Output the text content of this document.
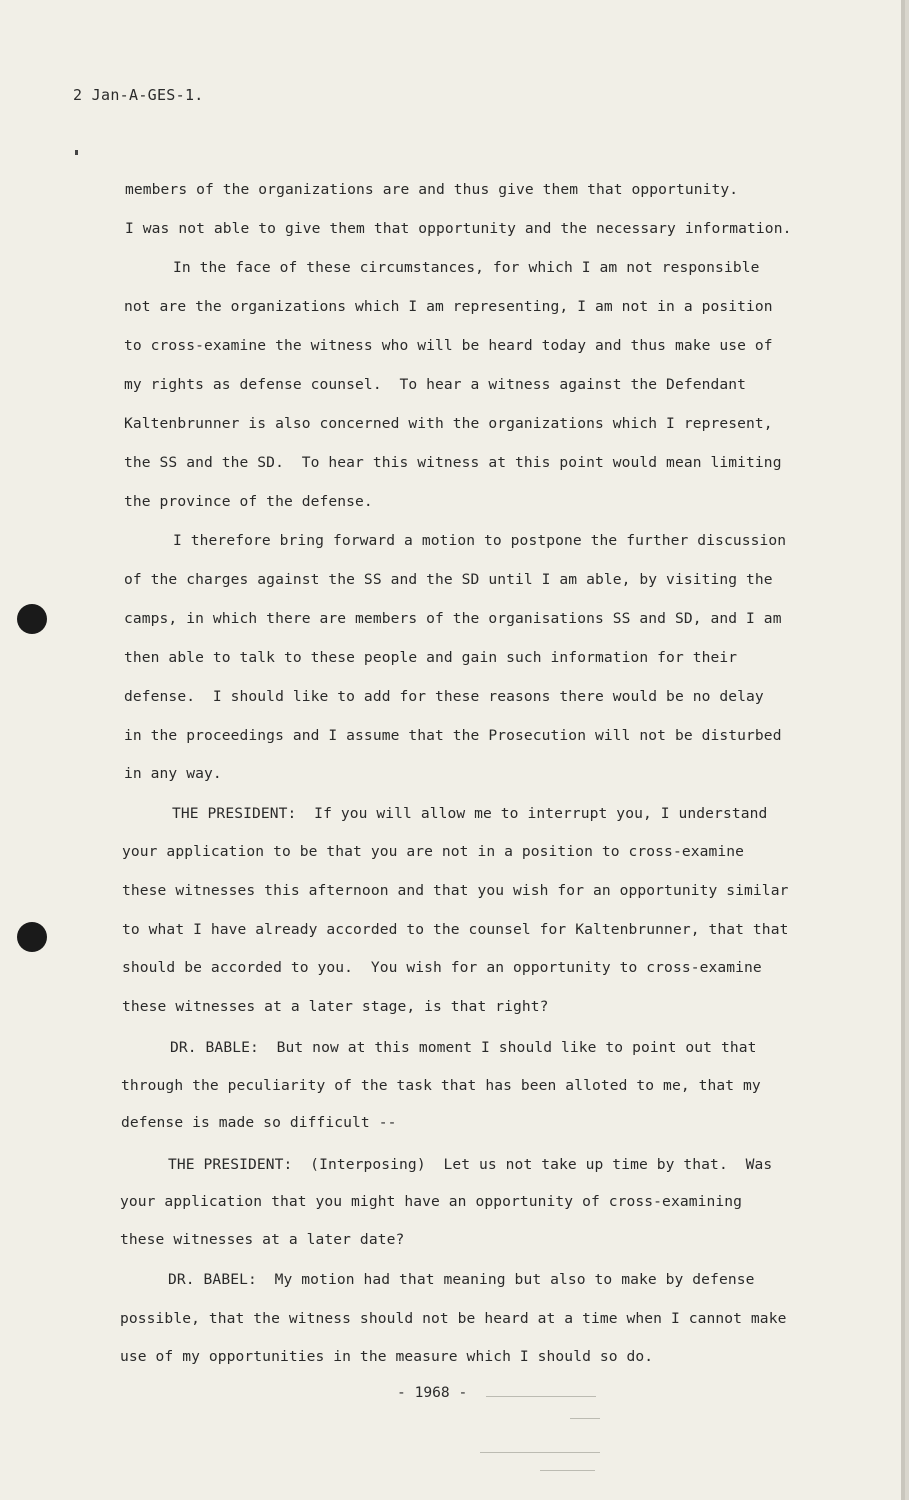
2 Jan-A-GES-1.
members of the organizations are and thus give them that opportunity.
I was not able to give them that opportunity and the necessary information.
In the face of these circumstances, for which I am not responsible
not are the organizations which I am representing, I am not in a position
to cross-examine the witness who will be heard today and thus make use of
my rights as defense counsel.  To hear a witness against the Defendant
Kaltenbrunner is also concerned with the organizations which I represent,
the SS and the SD.  To hear this witness at this point would mean limiting
the province of the defense.
I therefore bring forward a motion to postpone the further discussion
of the charges against the SS and the SD until I am able, by visiting the
camps, in which there are members of the organisations SS and SD, and I am
then able to talk to these people and gain such information for their
defense.  I should like to add for these reasons there would be no delay
in the proceedings and I assume that the Prosecution will not be disturbed
in any way.
THE PRESIDENT:  If you will allow me to interrupt you, I understand
your application to be that you are not in a position to cross-examine
these witnesses this afternoon and that you wish for an opportunity similar
to what I have already accorded to the counsel for Kaltenbrunner, that that
should be accorded to you.  You wish for an opportunity to cross-examine
these witnesses at a later stage, is that right?
DR. BABLE:  But now at this moment I should like to point out that
through the peculiarity of the task that has been alloted to me, that my
defense is made so difficult --
THE PRESIDENT:  (Interposing)  Let us not take up time by that.  Was
your application that you might have an opportunity of cross-examining
these witnesses at a later date?
DR. BABEL:  My motion had that meaning but also to make by defense
possible, that the witness should not be heard at a time when I cannot make
use of my opportunities in the measure which I should so do.
- 1968 -
